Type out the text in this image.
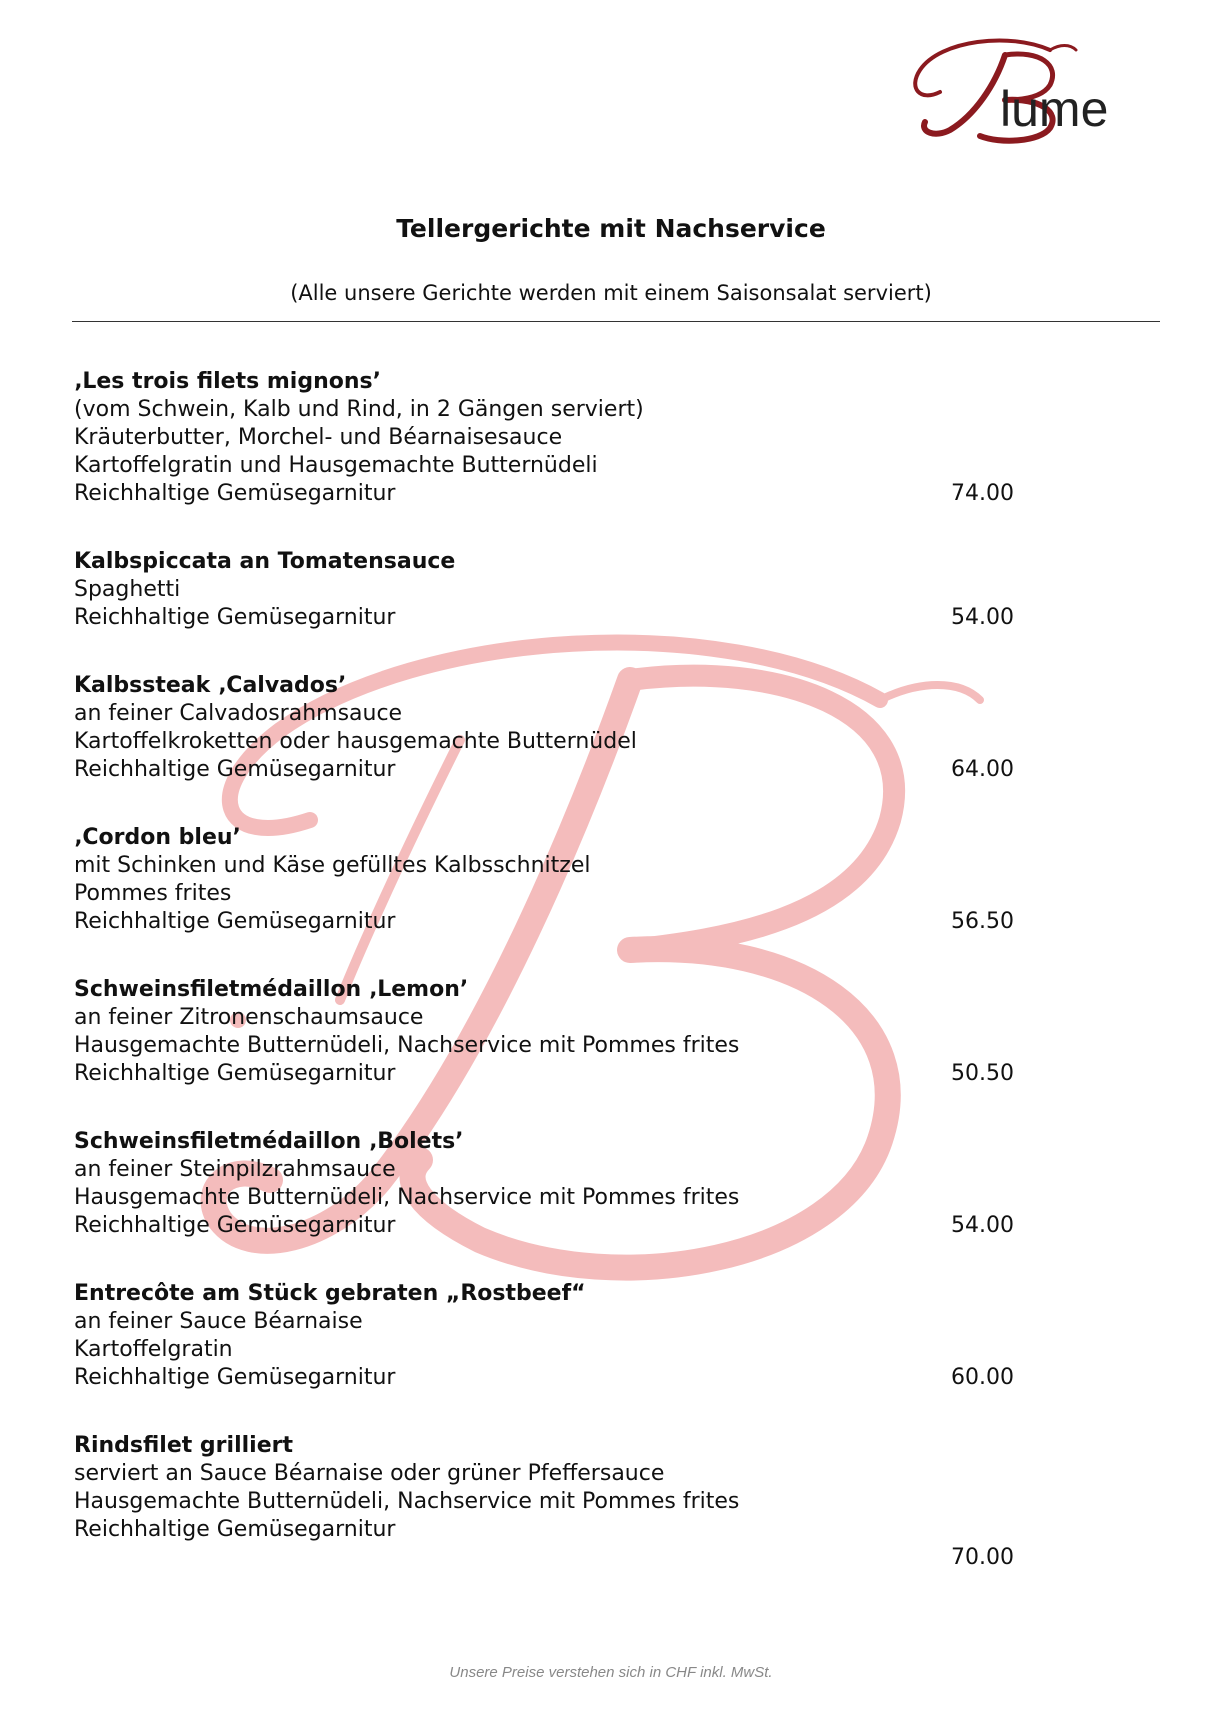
lume
Tellergerichte mit Nachservice
(Alle unsere Gerichte werden mit einem Saisonsalat serviert)
‚Les trois filets mignons’
(vom Schwein, Kalb und Rind, in 2 Gängen serviert)
Kräuterbutter, Morchel- und Béarnaisesauce
Kartoffelgratin und Hausgemachte Butternüdeli
Reichhaltige Gemüsegarnitur	74.00
Kalbspiccata an Tomatensauce
Spaghetti
Reichhaltige Gemüsegarnitur	54.00
Kalbssteak ‚Calvados’
an feiner Calvadosrahmsauce
Kartoffelkroketten oder hausgemachte Butternüdel
Reichhaltige Gemüsegarnitur	64.00
‚Cordon bleu’
mit Schinken und Käse gefülltes Kalbsschnitzel
Pommes frites
Reichhaltige Gemüsegarnitur	56.50
Schweinsfiletmédaillon ‚Lemon’
an feiner Zitronenschaumsauce
Hausgemachte Butternüdeli, Nachservice mit Pommes frites
Reichhaltige Gemüsegarnitur	50.50
Schweinsfiletmédaillon ‚Bolets’
an feiner Steinpilzrahmsauce
Hausgemachte Butternüdeli, Nachservice mit Pommes frites
Reichhaltige Gemüsegarnitur	54.00
Entrecôte am Stück gebraten „Rostbeef“
an feiner Sauce Béarnaise
Kartoffelgratin
Reichhaltige Gemüsegarnitur	60.00
Rindsfilet grilliert
serviert an Sauce Béarnaise oder grüner Pfeffersauce
Hausgemachte Butternüdeli, Nachservice mit Pommes frites
Reichhaltige Gemüsegarnitur
70.00
Unsere Preise verstehen sich in CHF inkl. MwSt.
